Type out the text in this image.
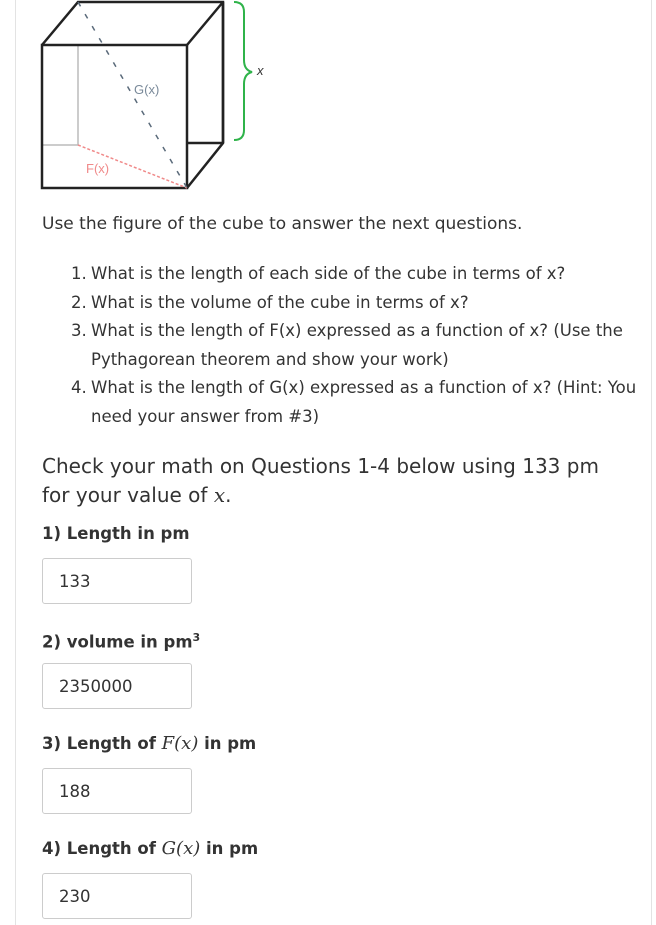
G(x)
F(x)
x

Use the figure of the cube to answer the next questions.

1. What is the length of each side of the cube in terms of x?
2. What is the volume of the cube in terms of x?
3. What is the length of F(x) expressed as a function of x? (Use the Pythagorean theorem and show your work)
4. What is the length of G(x) expressed as a function of x? (Hint: You need your answer from #3)
Check your math on Questions 1-4 below using 133 pm for your value of x.

1) Length in pm

133

2) volume in $pm^3$

2350000

3) Length of F(x) in pm

188

4) Length of G(x) in pm

230
